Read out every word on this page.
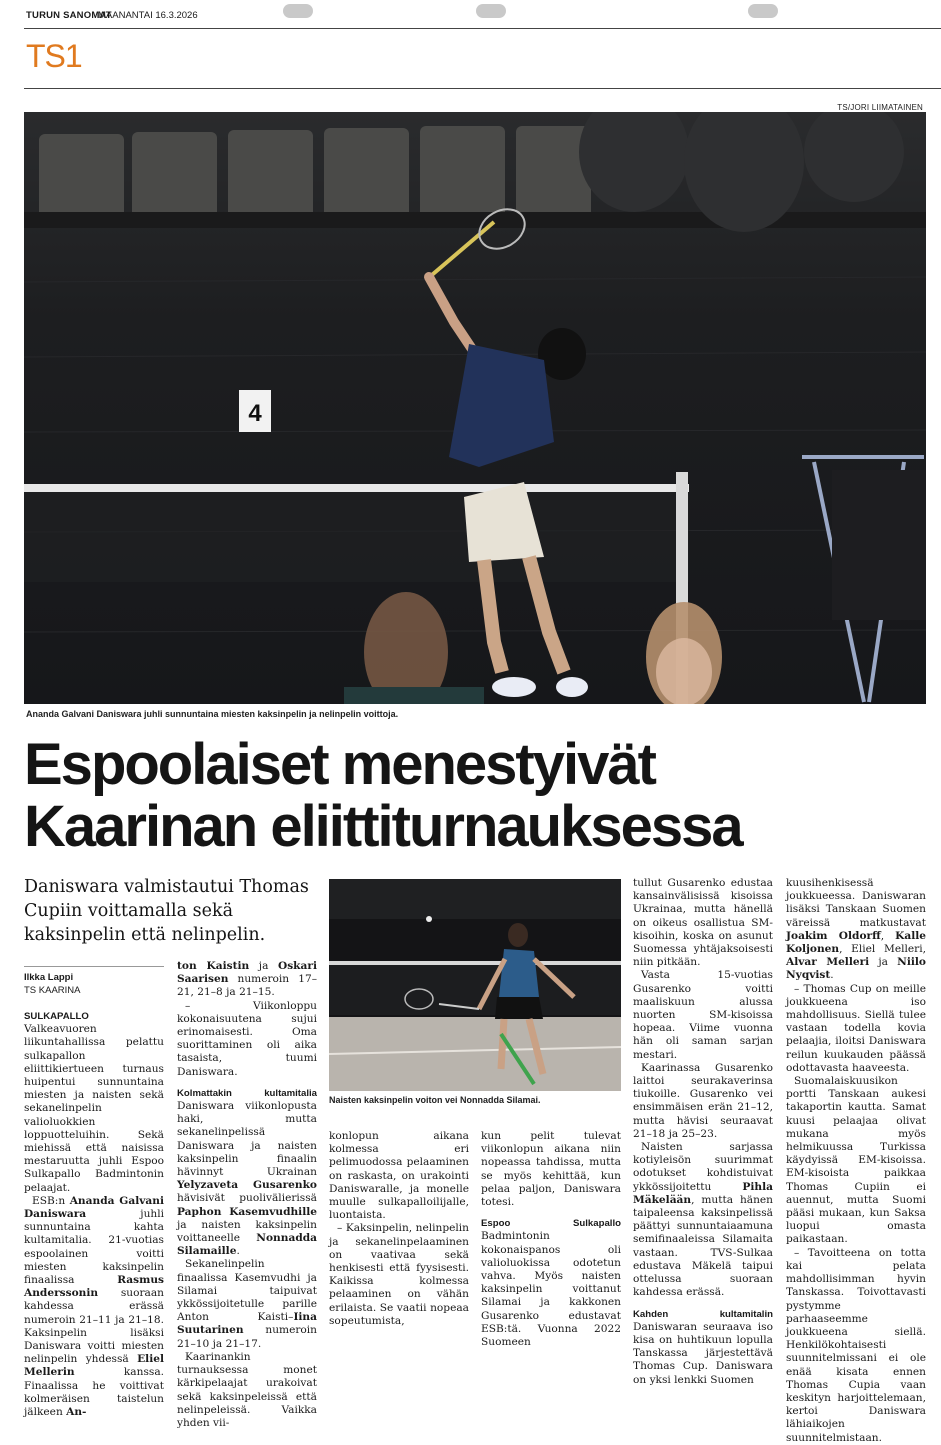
TURUN SANOMAT
MAANANTAI 16.3.2026
TS1
TS/JORI LIIMATAINEN
4
Ananda Galvani Daniswara juhli sunnuntaina miesten kaksinpelin ja nelinpelin voittoja.
Espoolaiset menestyivät
Kaarinan eliittiturnauksessa
Daniswara valmistautui Thomas Cupiin voittamalla sekä kaksinpelin että nelinpelin.
Ilkka Lappi
TS KAARINA

SULKAPALLO Valkeavuoren liikuntahallissa pelattu sulkapallon eliittikiertueen turnaus huipentui sunnuntaina miesten ja naisten sekä sekanelinpelin valioluokkien loppuotteluihin. Sekä miehissä että naisissa mestaruutta juhli Espoo Sulkapallo Badmintonin pelaajat.

ESB:n Ananda Galvani Daniswara juhli sunnuntaina kahta kultamitalia. 21-vuotias espoolainen voitti miesten kaksinpelin finaalissa Rasmus Anderssonin suoraan kahdessa erässä numeroin 21–11 ja 21–18. Kaksinpelin lisäksi Daniswara voitti miesten nelinpelin yhdessä Eliel Mellerin kanssa. Finaalissa he voittivat kolmeräisen taistelun jälkeen An-

ton Kaistin ja Oskari Saarisen numeroin 17–21, 21–8 ja 21–15.

– Viikonloppu kokonaisuutena sujui erinomaisesti. Oma suorittaminen oli aika tasaista, tuumi Daniswara.

Kolmattakin kultamitalia Daniswara viikonlopusta haki, mutta sekanelinpelissä Daniswara ja naisten kaksinpelin finaalin hävinnyt Ukrainan Yelyzaveta Gusarenko hävisivät puolivälierissä Paphon Kasemvudhille ja naisten kaksinpelin voittaneelle Nonnadda Silamaille.

Sekanelinpelin finaalissa Kasemvudhi ja Silamai taipuivat ykkössijoitetulle parille Anton Kaisti–Iina Suutarinen numeroin 21–10 ja 21–17.

Kaarinankin turnauksessa monet kärkipelaajat urakoivat sekä kaksinpeleissä että nelinpeleissä. Vaikka yhden vii-

Naisten kaksinpelin voiton vei Nonnadda Silamai.

konlopun aikana kolmessa eri pelimuodossa pelaaminen on raskasta, on urakointi Daniswaralle, ja monelle muulle sulkapalloilijalle, luontaista.

– Kaksinpelin, nelinpelin ja sekanelinpelaaminen on vaativaa sekä henkisesti että fyysisesti. Kaikissa kolmessa pelaaminen on vähän erilaista. Se vaatii nopeaa sopeutumista,

kun pelit tulevat viikonlopun aikana niin nopeassa tahdissa, mutta se myös kehittää, kun pelaa paljon, Daniswara totesi.

Espoo Sulkapallo Badmintonin kokonaispanos oli valioluokissa odotetun vahva. Myös naisten kaksinpelin voittanut Silamai ja kakkonen Gusarenko edustavat ESB:tä. Vuonna 2022 Suomeen

tullut Gusarenko edustaa kansainvälisissä kisoissa Ukrainaa, mutta hänellä on oikeus osallistua SM-kisoihin, koska on asunut Suomessa yhtäjaksoisesti niin pitkään.

Vasta 15-vuotias Gusarenko voitti maaliskuun alussa nuorten SM-kisoissa hopeaa. Viime vuonna hän oli saman sarjan mestari.

Kaarinassa Gusarenko laittoi seurakaverinsa tiukoille. Gusarenko vei ensimmäisen erän 21–12, mutta hävisi seuraavat 21–18 ja 25–23.

Naisten sarjassa kotiyleisön suurimmat odotukset kohdistuivat ykkössijoitettu Pihla Mäkelään, mutta hänen taipaleensa kaksinpelissä päättyi sunnuntaiaamuna semifinaaleissa Silamaita vastaan. TVS-Sulkaa edustava Mäkelä taipui ottelussa suoraan kahdessa erässä.

Kahden kultamitalin Daniswaran seuraava iso kisa on huhtikuun lopulla Tanskassa järjestettävä Thomas Cup. Daniswara on yksi lenkki Suomen

kuusihenkisessä joukkueessa. Daniswaran lisäksi Tanskaan Suomen väreissä matkustavat Joakim Oldorff, Kalle Koljonen, Eliel Melleri, Alvar Melleri ja Niilo Nyqvist.

– Thomas Cup on meille joukkueena iso mahdollisuus. Siellä tulee vastaan todella kovia pelaajia, iloitsi Daniswara reilun kuukauden päässä odottavasta haaveesta.

Suomalaiskuusikon portti Tanskaan aukesi takaportin kautta. Samat kuusi pelaajaa olivat mukana myös helmikuussa Turkissa käydyissä EM-kisoissa. EM-kisoista paikkaa Thomas Cupiin ei auennut, mutta Suomi pääsi mukaan, kun Saksa luopui omasta paikastaan.

– Tavoitteena on totta kai pelata mahdollisimman hyvin Tanskassa. Toivottavasti pystymme parhaaseemme joukkueena siellä. Henkilökohtaisesti suunnitelmissani ei ole enää kisata ennen Thomas Cupia vaan keskityn harjoittelemaan, kertoi Daniswara lähiaikojen suunnitelmistaan.
